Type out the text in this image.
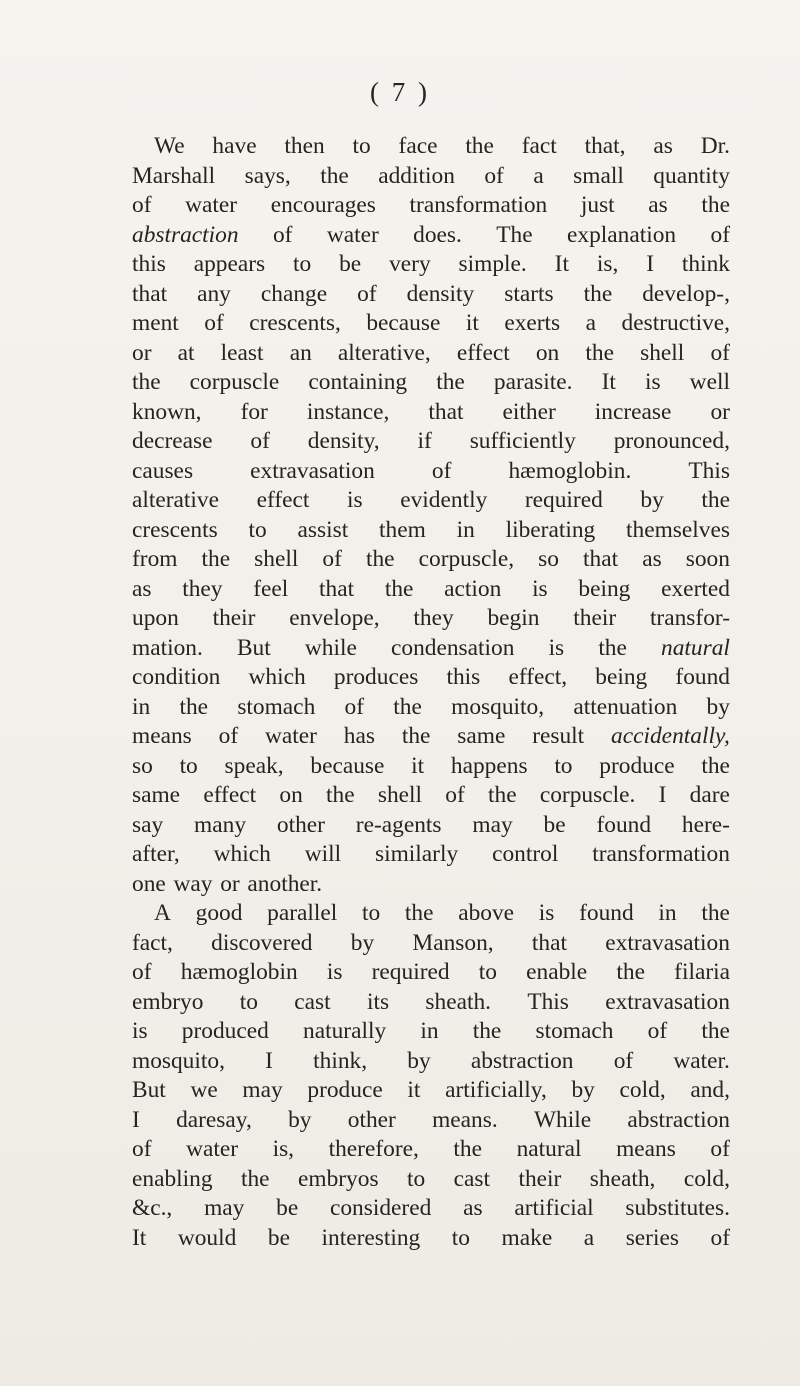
( 7 )
We have then to face the fact that, as Dr.
Marshall says, the addition of a small quantity
of water encourages transformation just as the
abstraction of water does. The explanation of
this appears to be very simple. It is, I think
that any change of density starts the develop-,
ment of crescents, because it exerts a destructive,
or at least an alterative, effect on the shell of
the corpuscle containing the parasite. It is well
known, for instance, that either increase or
decrease of density, if sufficiently pronounced,
causes extravasation of hæmoglobin. This
alterative effect is evidently required by the
crescents to assist them in liberating themselves
from the shell of the corpuscle, so that as soon
as they feel that the action is being exerted
upon their envelope, they begin their transfor-
mation. But while condensation is the natural
condition which produces this effect, being found
in the stomach of the mosquito, attenuation by
means of water has the same result accidentally,
so to speak, because it happens to produce the
same effect on the shell of the corpuscle. I dare
say many other re-agents may be found here-
after, which will similarly control transformation
one way or another.
A good parallel to the above is found in the
fact, discovered by Manson, that extravasation
of hæmoglobin is required to enable the filaria
embryo to cast its sheath. This extravasation
is produced naturally in the stomach of the
mosquito, I think, by abstraction of water.
But we may produce it artificially, by cold, and,
I daresay, by other means. While abstraction
of water is, therefore, the natural means of
enabling the embryos to cast their sheath, cold,
&c., may be considered as artificial substitutes.
It would be interesting to make a series of
